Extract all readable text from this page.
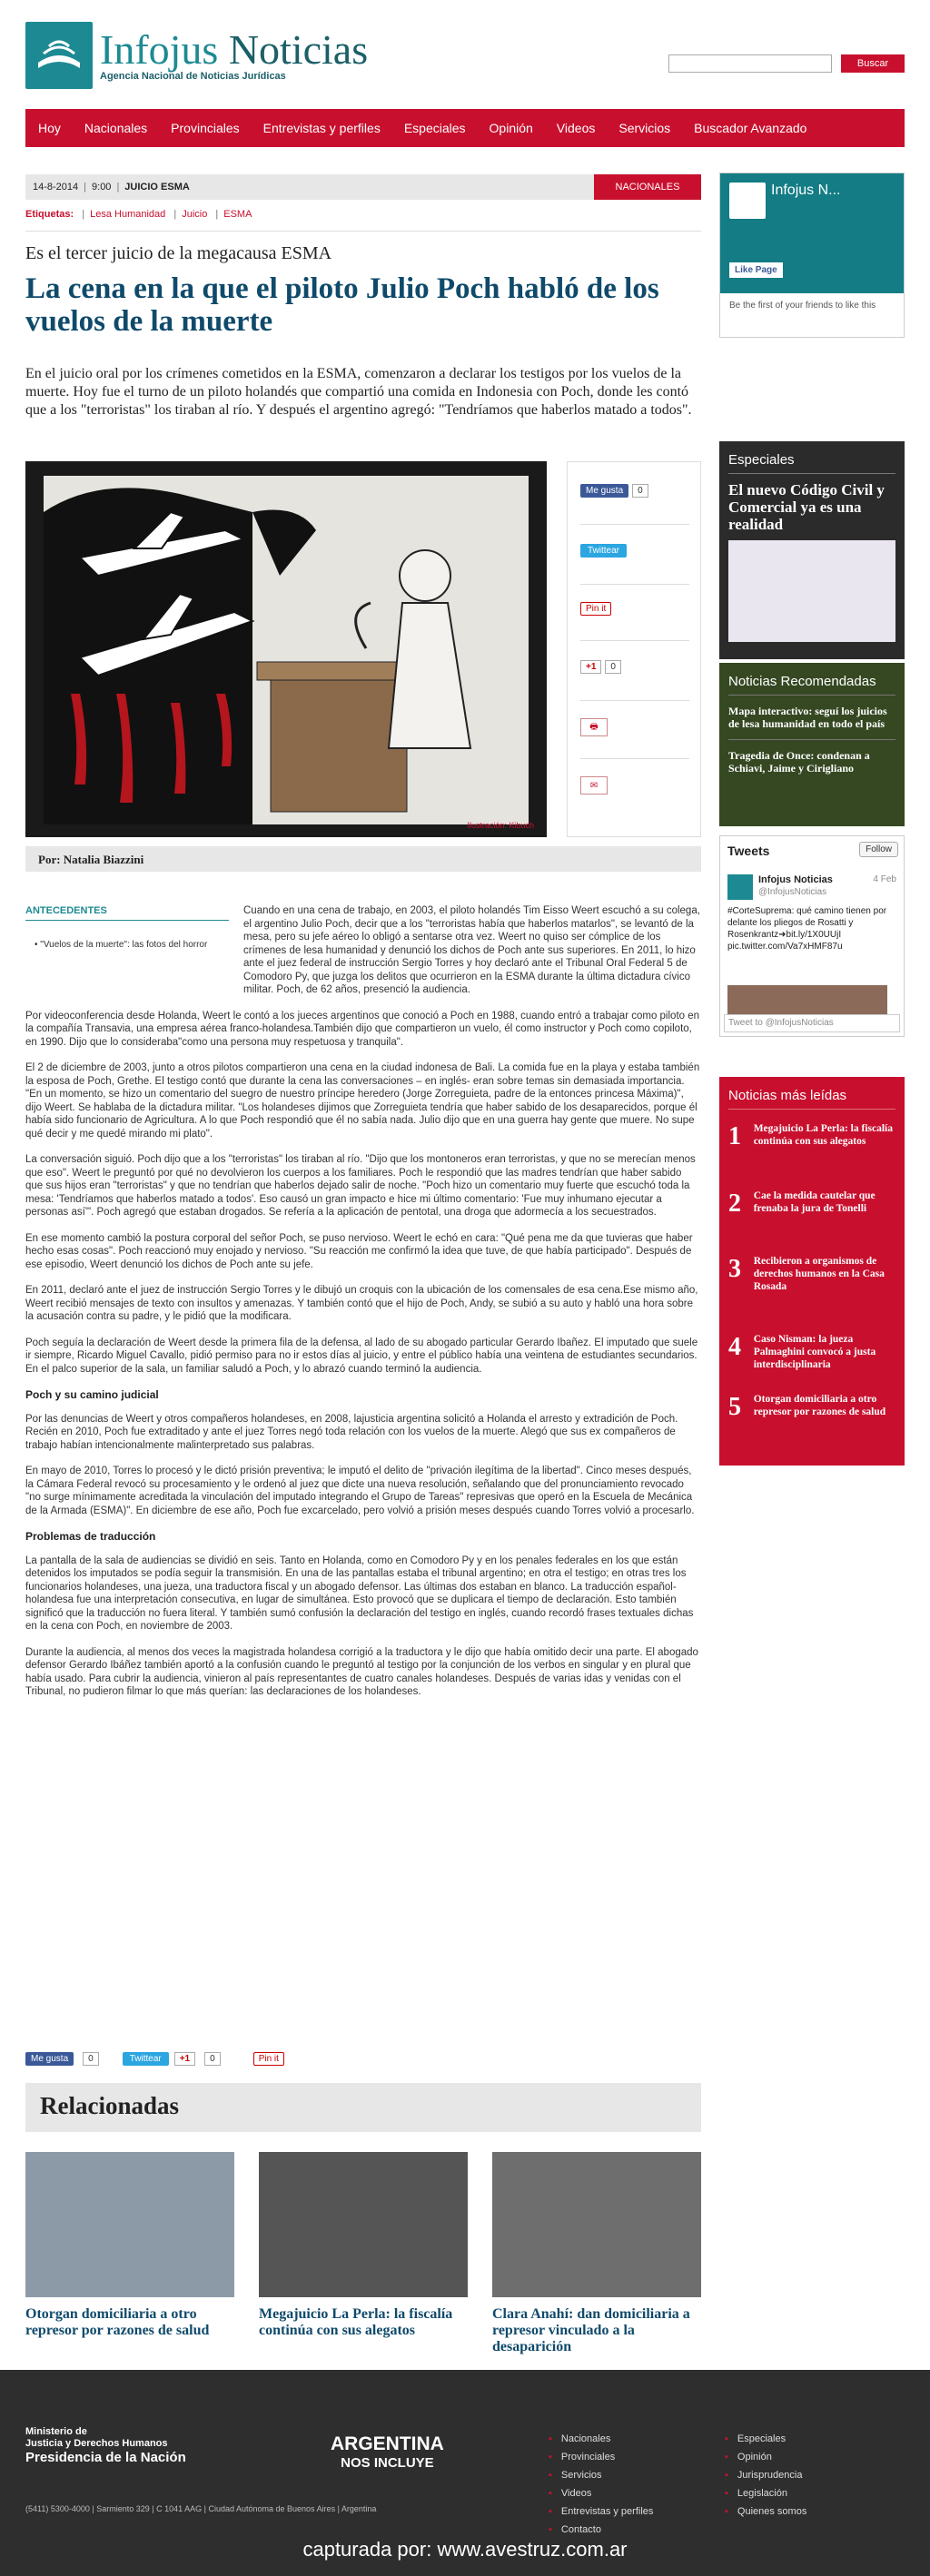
Infojus Noticias
Agencia Nacional de Noticias Jurídicas
Buscar
Hoy Nacionales Provinciales Entrevistas y perfiles Especiales Opinión Videos Servicios Buscador Avanzado
14-8-2014 | 9:00 | JUICIO ESMA	NACIONALES
Etiquetas: | Lesa Humanidad | Juicio | ESMA
Es el tercer juicio de la megacausa ESMA
La cena en la que el piloto Julio Poch habló de los vuelos de la muerte
En el juicio oral por los crímenes cometidos en la ESMA, comenzaron a declarar los testigos por los vuelos de la muerte. Hoy fue el turno de un piloto holandés que compartió una comida en Indonesia con Poch, donde les contó que a los "terroristas" los tiraban al río. Y después el argentino agregó: "Tendríamos que haberlos matado a todos".
Ilustración: Kibuch
Me gusta	0
Twittear
Pin it
+1	0
🖶
✉
Por: Natalia Biazzini
ANTECEDENTES
• "Vuelos de la muerte": las fotos del horror

Cuando en una cena de trabajo, en 2003, el piloto holandés Tim Eisso Weert escuchó a su colega, el argentino Julio Poch, decir que a los "terroristas había que haberlos matarlos", se levantó de la mesa, pero su jefe aéreo lo obligó a sentarse otra vez. Weert no quiso ser cómplice de los crímenes de lesa humanidad y denunció los dichos de Poch ante sus superiores. En 2011, lo hizo ante el juez federal de instrucción Sergio Torres y hoy declaró ante el Tribunal Oral Federal 5 de Comodoro Py, que juzga los delitos que ocurrieron en la ESMA durante la última dictadura cívico militar. Poch, de 62 años, presenció la audiencia.

Por videoconferencia desde Holanda, Weert le contó a los jueces argentinos que conoció a Poch en 1988, cuando entró a trabajar como piloto en la compañía Transavia, una empresa aérea franco-holandesa.También dijo que compartieron un vuelo, él como instructor y Poch como copiloto, en 1990. Dijo que lo consideraba"como una persona muy respetuosa y tranquila".

El 2 de diciembre de 2003, junto a otros pilotos compartieron una cena en la ciudad indonesa de Bali. La comida fue en la playa y estaba también la esposa de Poch, Grethe. El testigo contó que durante la cena las conversaciones – en inglés- eran sobre temas sin demasiada importancia. "En un momento, se hizo un comentario del suegro de nuestro príncipe heredero (Jorge Zorreguieta, padre de la entonces princesa Máxima)", dijo Weert. Se hablaba de la dictadura militar. "Los holandeses dijimos que Zorreguieta tendría que haber sabido de los desaparecidos, porque él había sido funcionario de Agricultura. A lo que Poch respondió que él no sabía nada. Julio dijo que en una guerra hay gente que muere. No supe qué decir y me quedé mirando mi plato".

La conversación siguió. Poch dijo que a los "terroristas" los tiraban al río. "Dijo que los montoneros eran terroristas, y que no se merecían menos que eso". Weert le preguntó por qué no devolvieron los cuerpos a los familiares. Poch le respondió que las madres tendrían que haber sabido que sus hijos eran "terroristas" y que no tendrían que haberlos dejado salir de noche. "Poch hizo un comentario muy fuerte que escuchó toda la mesa: 'Tendríamos que haberlos matado a todos'. Eso causó un gran impacto e hice mi último comentario: 'Fue muy inhumano ejecutar a personas así'". Poch agregó que estaban drogados. Se refería a la aplicación de pentotal, una droga que adormecía a los secuestrados.

En ese momento cambió la postura corporal del señor Poch, se puso nervioso. Weert le echó en cara: "Qué pena me da que tuvieras que haber hecho esas cosas". Poch reaccionó muy enojado y nervioso. "Su reacción me confirmó la idea que tuve, de que había participado". Después de ese episodio, Weert denunció los dichos de Poch ante su jefe.

En 2011, declaró ante el juez de instrucción Sergio Torres y le dibujó un croquis con la ubicación de los comensales de esa cena.Ese mismo año, Weert recibió mensajes de texto con insultos y amenazas. Y también contó que el hijo de Poch, Andy, se subió a su auto y habló una hora sobre la acusación contra su padre, y le pidió que la modificara.

Poch seguía la declaración de Weert desde la primera fila de la defensa, al lado de su abogado particular Gerardo Ibañez. El imputado que suele ir siempre, Ricardo Miguel Cavallo, pidió permiso para no ir estos días al juicio, y entre el público había una veintena de estudiantes secundarios. En el palco superior de la sala, un familiar saludó a Poch, y lo abrazó cuando terminó la audiencia.

Poch y su camino judicial

Por las denuncias de Weert y otros compañeros holandeses, en 2008, lajusticia argentina solicitó a Holanda el arresto y extradición de Poch. Recién en 2010, Poch fue extraditado y ante el juez Torres negó toda relación con los vuelos de la muerte. Alegó que sus ex compañeros de trabajo habían intencionalmente malinterpretado sus palabras.

En mayo de 2010, Torres lo procesó y le dictó prisión preventiva; le imputó el delito de "privación ilegítima de la libertad". Cinco meses después, la Cámara Federal revocó su procesamiento y le ordenó al juez que dicte una nueva resolución, señalando que del pronunciamiento revocado "no surge mínimamente acreditada la vinculación del imputado integrando el Grupo de Tareas" represivas que operó en la Escuela de Mecánica de la Armada (ESMA)". En diciembre de ese año, Poch fue excarcelado, pero volvió a prisión meses después cuando Torres volvió a procesarlo.

Problemas de traducción

La pantalla de la sala de audiencias se dividió en seis. Tanto en Holanda, como en Comodoro Py y en los penales federales en los que están detenidos los imputados se podía seguir la transmisión. En una de las pantallas estaba el tribunal argentino; en otra el testigo; en otras tres los funcionarios holandeses, una jueza, una traductora fiscal y un abogado defensor. Las últimas dos estaban en blanco. La traducción español-holandesa fue una interpretación consecutiva, en lugar de simultánea. Esto provocó que se duplicara el tiempo de declaración. Esto también significó que la traducción no fuera literal. Y también sumó confusión la declaración del testigo en inglés, cuando recordó frases textuales dichas en la cena con Poch, en noviembre de 2003.

Durante la audiencia, al menos dos veces la magistrada holandesa corrigió a la traductora y le dijo que había omitido decir una parte. El abogado defensor Gerardo Ibáñez también aportó a la confusión cuando le preguntó al testigo por la conjunción de los verbos en singular y en plural que había usado. Para cubrir la audiencia, vinieron al país representantes de cuatro canales holandeses. Después de varias idas y venidas con el Tribunal, no pudieron filmar lo que más querían: las declaraciones de los holandeses.

Me gusta	0	Twittear	+1	0	Pin it
Relacionadas
Otorgan domiciliaria a otro represor por razones de salud
Megajuicio La Perla: la fiscalía continúa con sus alegatos
Clara Anahí: dan domiciliaria a represor vinculado a la desaparición
Infojus N...
Like Page
Be the first of your friends to like this
Especiales
El nuevo Código Civil y Comercial ya es una realidad
Noticias Recomendadas
Mapa interactivo: seguí los juicios de lesa humanidad en todo el país
Tragedia de Once: condenan a Schiavi, Jaime y Cirigliano
Tweets	Follow
Infojus Noticias	4 Feb
@InfojusNoticias
#CorteSuprema: qué camino tienen por delante los pliegos de Rosatti y Rosenkrantz➜bit.ly/1X0UUjI pic.twitter.com/Va7xHMF87u
Tweet to @InfojusNoticias
Noticias más leídas
1	Megajuicio La Perla: la fiscalía continúa con sus alegatos
2	Cae la medida cautelar que frenaba la jura de Tonelli
3	Recibieron a organismos de derechos humanos en la Casa Rosada
4	Caso Nisman: la jueza Palmaghini convocó a justa interdisciplinaria
5	Otorgan domiciliaria a otro represor por razones de salud
Ministerio de
Justicia y Derechos Humanos
Presidencia de la Nación
ARGENTINA
NOS INCLUYE
(5411) 5300-4000 | Sarmiento 329 | C 1041 AAG | Ciudad Autónoma de Buenos Aires | Argentina
▪ Nacionales
▪ Provinciales
▪ Servicios
▪ Videos
▪ Entrevistas y perfiles
▪ Contacto
▪ Especiales
▪ Opinión
▪ Jurisprudencia
▪ Legislación
▪ Quienes somos
capturada por: www.avestruz.com.ar
